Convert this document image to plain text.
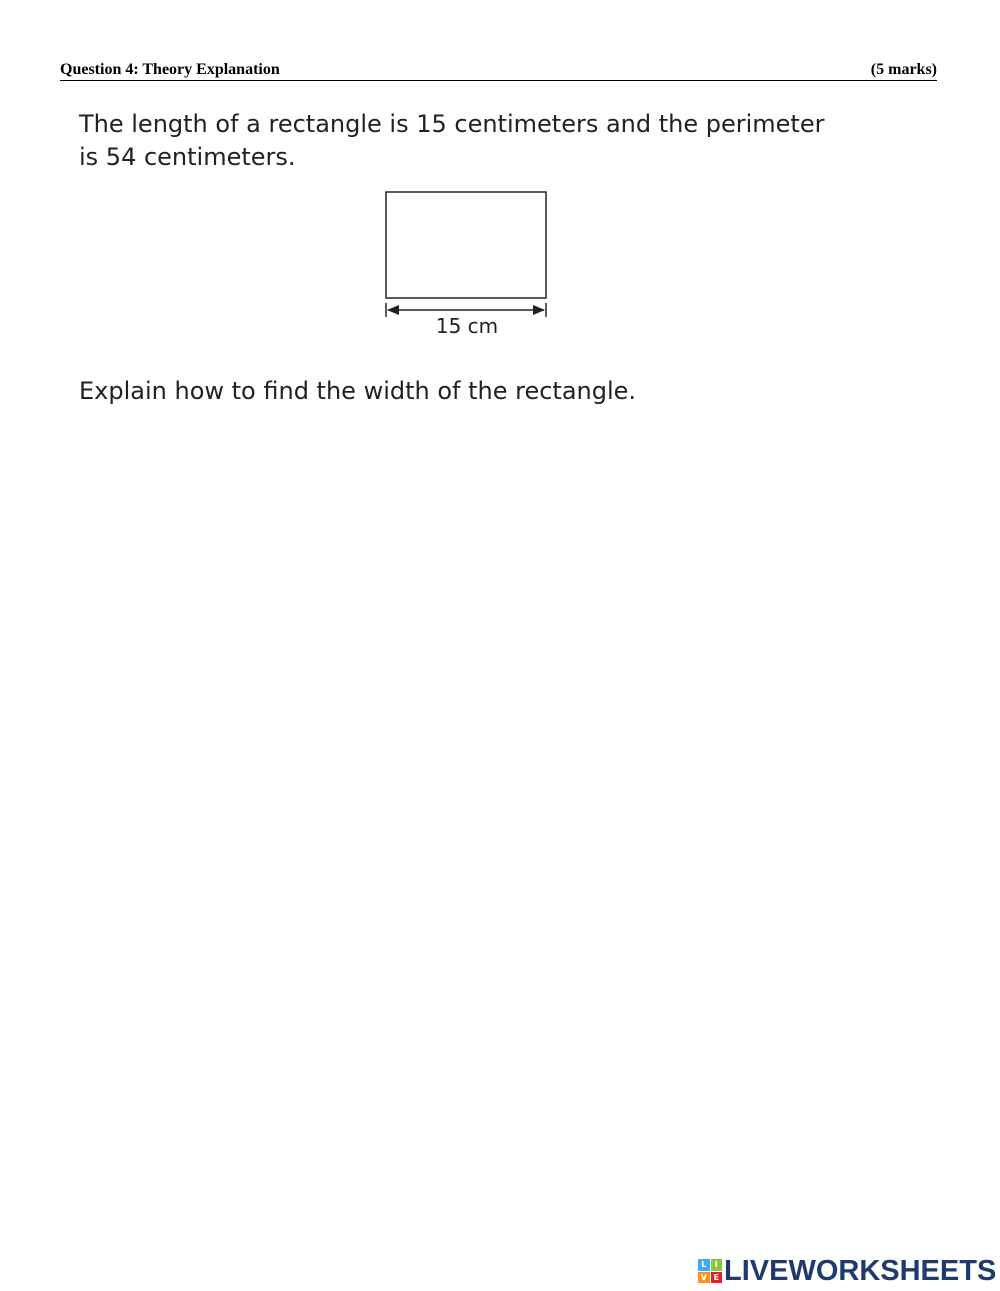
Question 4: Theory Explanation	(5 marks)
The length of a rectangle is 15 centimeters and the perimeter
is 54 centimeters.
15 cm
Explain how to find the width of the rectangle.
L	I
V E LIVEWORKSHEETS
